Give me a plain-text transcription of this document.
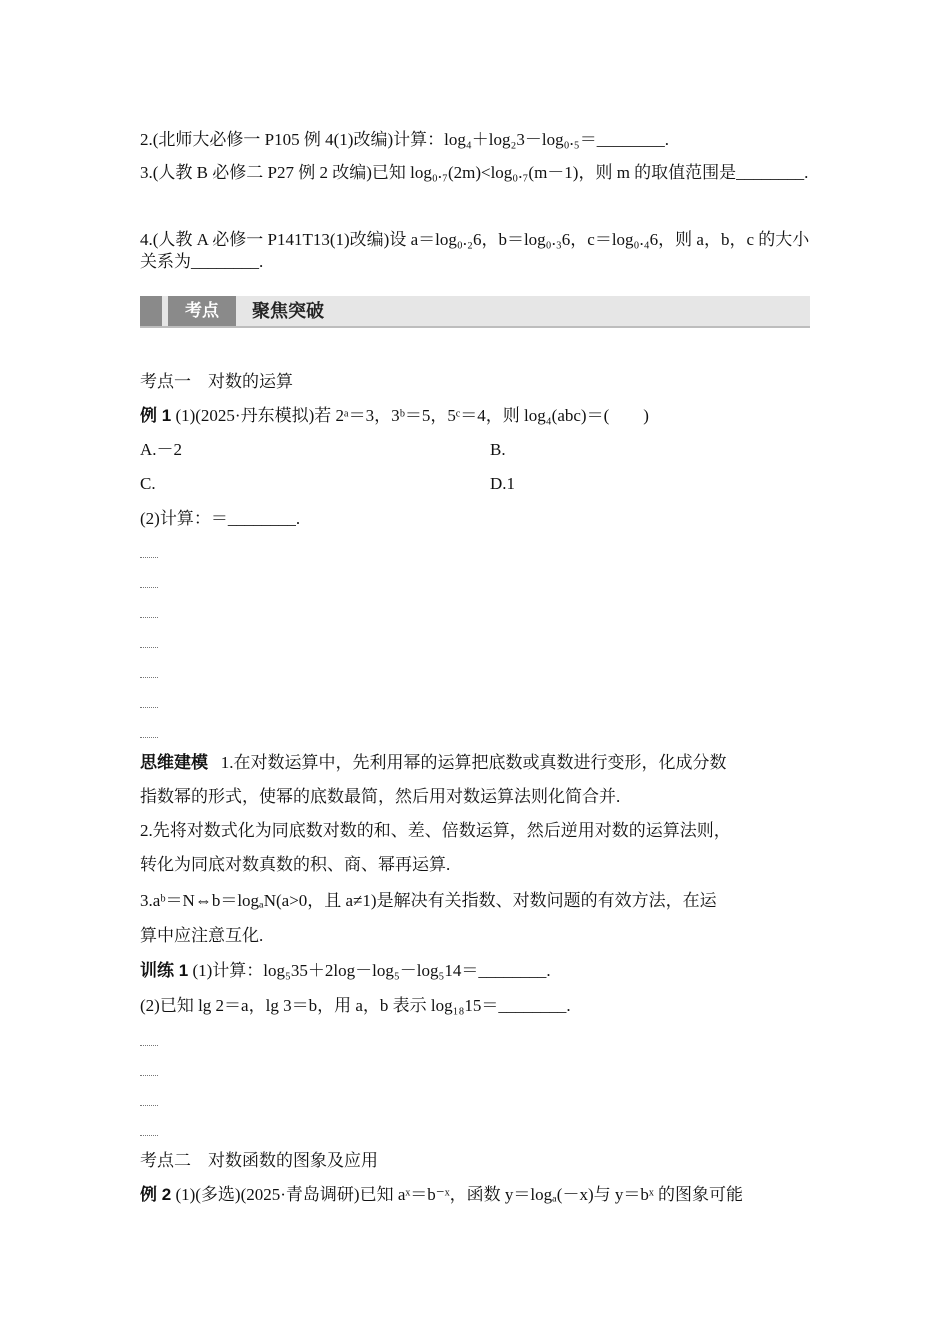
2.(北师大必修一 P105 例 4(1)改编)计算：log₄＋log₂3－log₀.₅＝________.
3.(人教 B 必修二 P27 例 2 改编)已知 log₀.₇(2m)<log₀.₇(m－1)，则 m 的取值范围是________.
4.(人教 A 必修一 P141T13(1)改编)设 a＝log₀.₂6，b＝log₀.₃6，c＝log₀.₄6，则 a，b，c 的大小关系为________.
考点	聚焦突破
考点一　对数的运算
例 1 (1)(2025·丹东模拟)若 2ᵃ＝3，3ᵇ＝5，5ᶜ＝4，则 log₄(abc)＝(　　)
A.－2	B.
C.	D.1
(2)计算：＝________.
思维建模 1.在对数运算中，先利用幂的运算把底数或真数进行变形，化成分数
指数幂的形式，使幂的底数最简，然后用对数运算法则化简合并.
2.先将对数式化为同底数对数的和、差、倍数运算，然后逆用对数的运算法则，
转化为同底对数真数的积、商、幂再运算.
3.aᵇ＝N⇔b＝logₐN(a>0，且 a≠1)是解决有关指数、对数问题的有效方法，在运
算中应注意互化.
训练 1 (1)计算：log₅35＋2log－log₅－log₅14＝________.
(2)已知 lg 2＝a，lg 3＝b，用 a，b 表示 log₁₈15＝________.
考点二　对数函数的图象及应用
例 2 (1)(多选)(2025·青岛调研)已知 aˣ＝b⁻ˣ，函数 y＝logₐ(－x)与 y＝bˣ 的图象可能
